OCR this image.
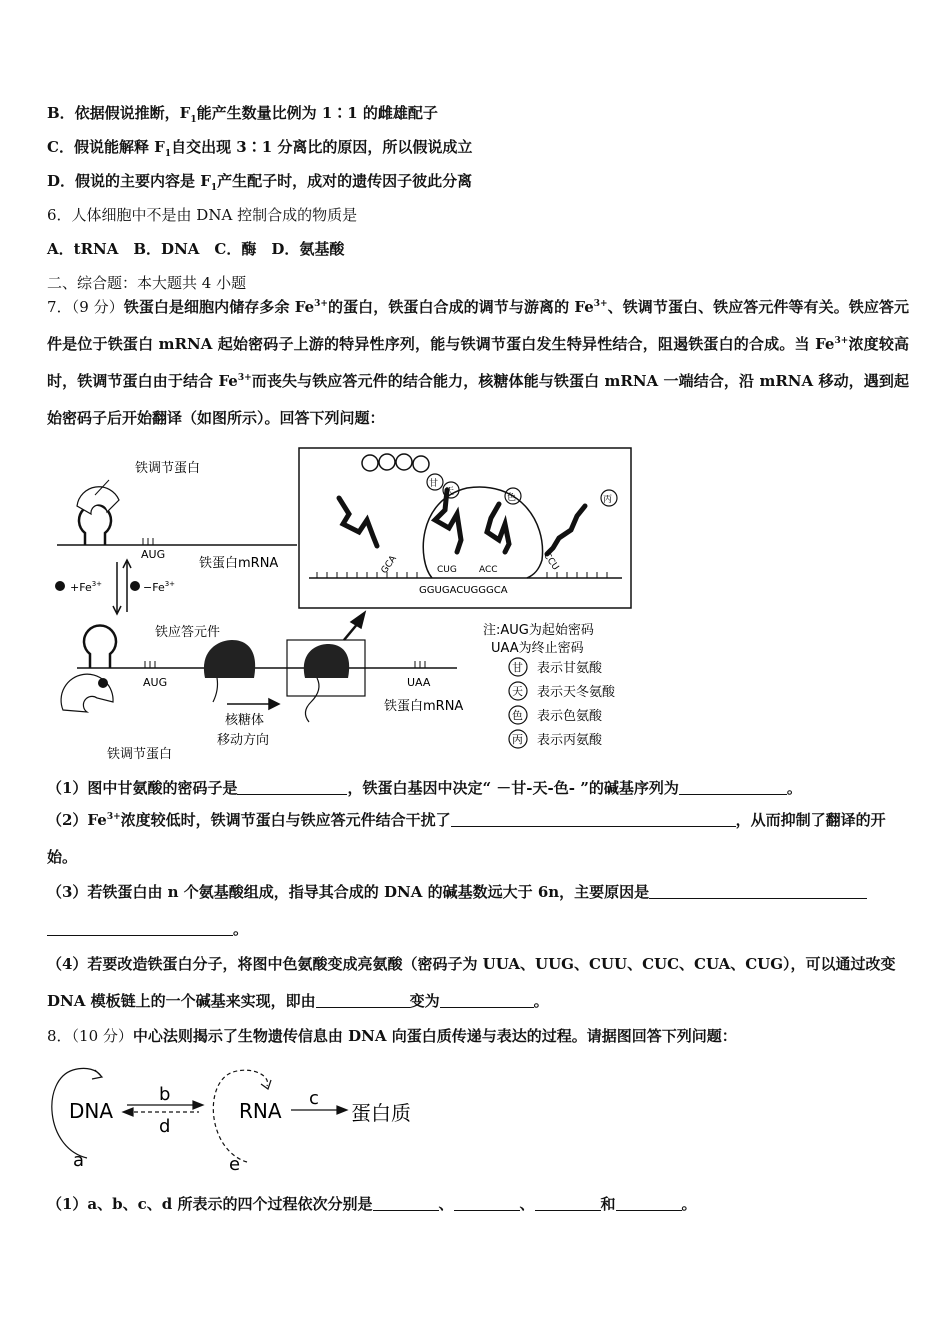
B．依据假说推断，$F_1$能产生数量比例为 1∶1 的雌雄配子
C．假说能解释 $F_1$自交出现 3∶1 分离比的原因，所以假说成立
D．假说的主要内容是 $F_1$产生配子时，成对的遗传因子彼此分离
6．人体细胞中不是由 DNA 控制合成的物质是
A．tRNA　B．DNA　C．酶　D．氨基酸
二、综合题：本大题共 4 小题
7．（9 分）铁蛋白是细胞内储存多余 $Fe^{3+}$的蛋白，铁蛋白合成的调节与游离的 $Fe^{3+}$、铁调节蛋白、铁应答元件等有关。铁应答元件是位于铁蛋白 mRNA 起始密码子上游的特异性序列，能与铁调节蛋白发生特异性结合，阻遏铁蛋白的合成。当 $Fe^{3+}$浓度较高时，铁调节蛋白由于结合 $Fe^{3+}$而丧失与铁应答元件的结合能力，核糖体能与铁蛋白 mRNA 一端结合，沿 mRNA 移动，遇到起始密码子后开始翻译（如图所示）。回答下列问题：
铁调节蛋白
AUG
铁蛋白mRNA
$+Fe^{3+}$	$-Fe^{3+}$
铁应答元件
AUG	UAA
铁蛋白mRNA
铁调节蛋白
核糖体
移动方向
GCA	CUG ACC	CCU
GGUGACUGGGCA
甘
天
色	丙
注:AUG为起始密码
UAA为终止密码
甘 表示甘氨酸
天 表示天冬氨酸
色 表示色氨酸
丙 表示丙氨酸
（1）图中甘氨酸的密码子是	，铁蛋白基因中决定“ －甘-天-色- ”的碱基序列为	。
$(2)Fe^{3+}$浓度较低时，铁调节蛋白与铁应答元件结合干扰了	，从而抑制了翻译的开始。
（3）若铁蛋白由 n 个氨基酸组成，指导其合成的 DNA 的碱基数远大于 6n，主要原因是
。
（4）若要改造铁蛋白分子，将图中色氨酸变成亮氨酸（密码子为 UUA、UUG、CUU、CUC、CUA、CUG），可以通过改变 DNA 模板链上的一个碱基来实现，即由	变为	。
8．（10 分）中心法则揭示了生物遗传信息由 DNA 向蛋白质传递与表达的过程。请据图回答下列问题：
DNA	RNA	蛋白质
b
d
c
a	e
（1）a、b、c、d 所表示的四个过程依次分别是	、	、	和	。
